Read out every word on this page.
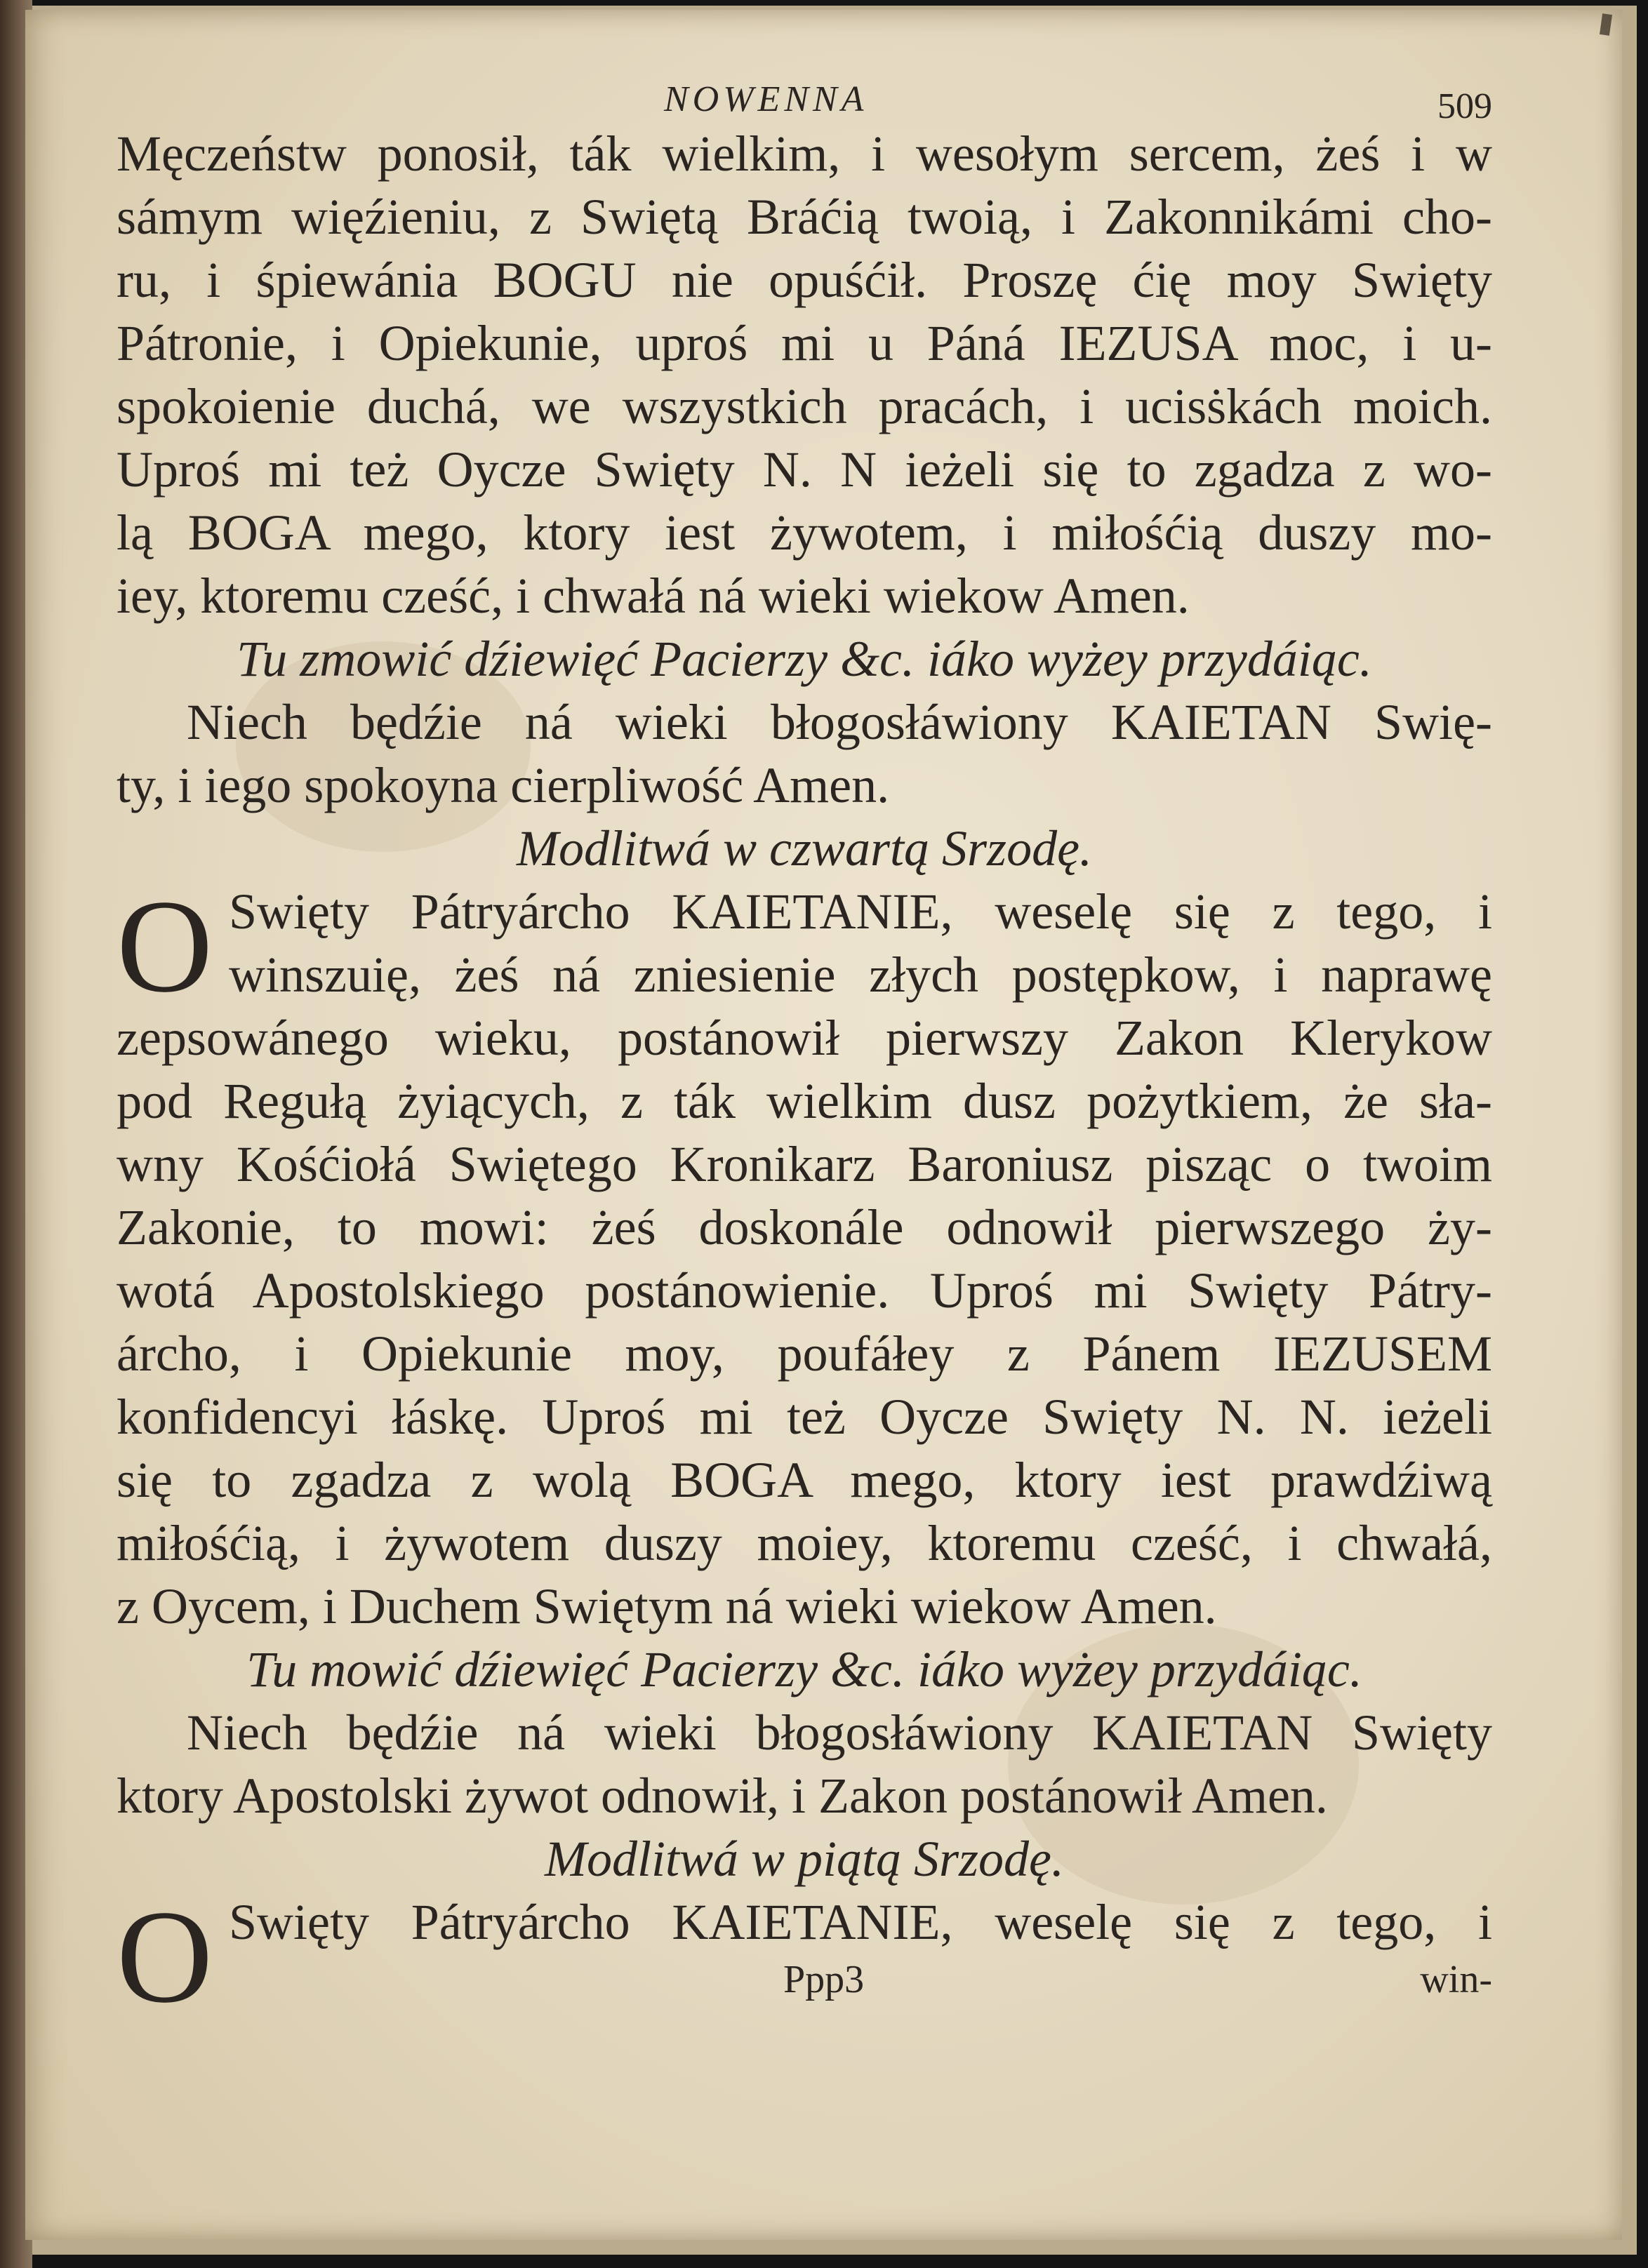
NOWENNA	509
Męczeństw ponosił, ták wielkim, i wesołym sercem, żeś i w
sámym więźieniu, z Swiętą Bráćią twoią, i Zakonnikámi cho-
ru, i śpiewánia BOGU nie opuśćił. Proszę ćię moy Swięty
Pátronie, i Opiekunie, uproś mi u Páná IEZUSA moc, i u-
spokoienie duchá, we wszystkich pracách, i ucisṡkách moich.
Uproś mi też Oycze Swięty N. N ieżeli się to zgadza z wo-
lą BOGA mego, ktory iest żywotem, i miłośćią duszy mo-
iey, ktoremu cześć, i chwałá ná wieki wiekow Amen.
Tu zmowić dźiewięć Pacierzy &c. iáko wyżey przydáiąc.
Niech będźie ná wieki błogosłáwiony KAIETAN Swię-
ty, i iego spokoyna cierpliwość Amen.
Modlitwá w czwartą Srzodę.
O Swięty Pátryárcho KAIETANIE, weselę się z tego, i
winszuię, żeś ná zniesienie złych postępkow, i naprawę
zepsowánego wieku, postánowił pierwszy Zakon Klerykow
pod Regułą żyiących, z ták wielkim dusz pożytkiem, że sła-
wny Kośćiołá Swiętego Kronikarz Baroniusz pisząc o twoim
Zakonie, to mowi: żeś doskonále odnowił pierwszego ży-
wotá Apostolskiego postánowienie. Uproś mi Swięty Pátry-
árcho, i Opiekunie moy, poufáłey z Pánem IEZUSEM
konfidencyi łáskę. Uproś mi też Oycze Swięty N. N. ieżeli
się to zgadza z wolą BOGA mego, ktory iest prawdźiwą
miłośćią, i żywotem duszy moiey, ktoremu cześć, i chwałá,
z Oycem, i Duchem Swiętym ná wieki wiekow Amen.
Tu mowić dźiewięć Pacierzy &c. iáko wyżey przydáiąc.
Niech będźie ná wieki błogosłáwiony KAIETAN Swięty
ktory Apostolski żywot odnowił, i Zakon postánowił Amen.
Modlitwá w piątą Srzodę.
O Swięty Pátryárcho KAIETANIE, weselę się z tego, i
Ppp3	win-
